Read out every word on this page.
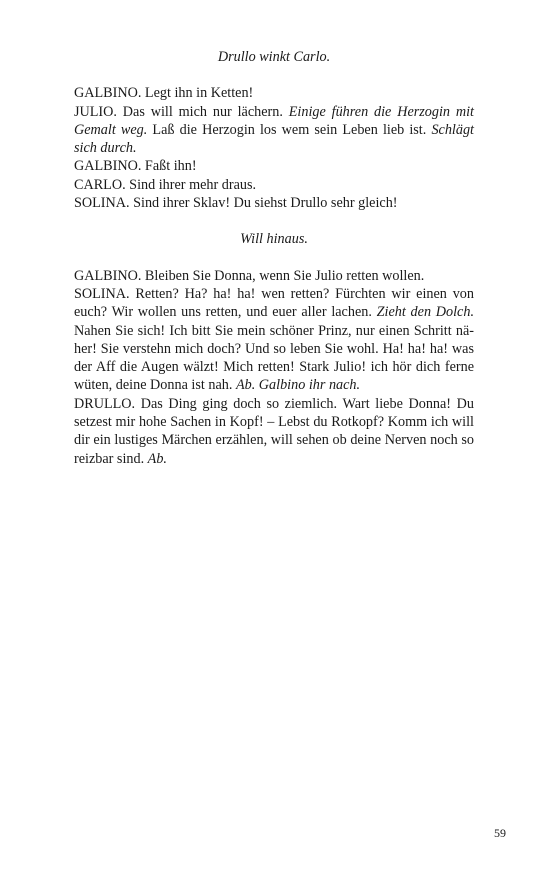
Drullo winkt Carlo.

GALBINO. Legt ihn in Ketten!

JULIO. Das will mich nur lächern. Einige führen die Herzogin mit Gemalt weg. Laß die Herzogin los wem sein Leben lieb ist. Schlägt sich durch.

GALBINO. Faßt ihn!

CARLO. Sind ihrer mehr draus.

SOLINA. Sind ihrer Sklav! Du siehst Drullo sehr gleich!

Will hinaus.

GALBINO. Bleiben Sie Donna, wenn Sie Julio retten wollen.

SOLINA. Retten? Ha? ha! ha! wen retten? Fürchten wir einen von euch? Wir wollen uns retten, und euer aller lachen. Zieht den Dolch. Nahen Sie sich! Ich bitt Sie mein schöner Prinz, nur einen Schritt näher! Sie verstehn mich doch? Und so leben Sie wohl. Ha! ha! ha! was der Aff die Augen wälzt! Mich retten! Stark Julio! ich hör dich ferne wüten, deine Donna ist nah. Ab. Galbino ihr nach.

DRULLO. Das Ding ging doch so ziemlich. Wart liebe Donna! Du setzest mir hohe Sachen in Kopf! – Lebst du Rotkopf? Komm ich will dir ein lustiges Märchen erzählen, will sehen ob deine Nerven noch so reizbar sind. Ab.

59
